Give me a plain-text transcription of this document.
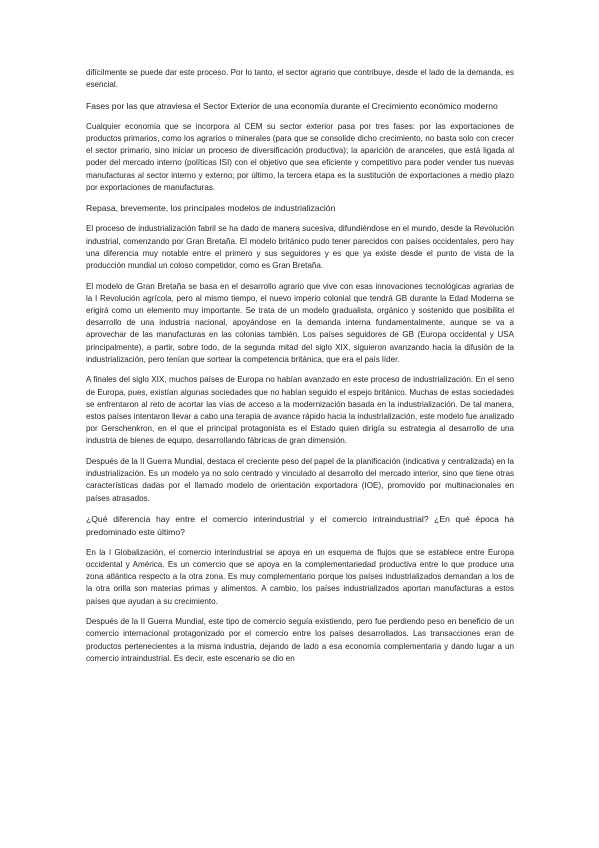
difícilmente se puede dar este proceso. Por lo tanto, el sector agrario que contribuye, desde el lado de la demanda, es esencial.

Fases por las que atraviesa el Sector Exterior de una economía durante el Crecimiento económico moderno

Cualquier economía que se incorpora al CEM su sector exterior pasa por tres fases: por las exportaciones de productos primarios, como los agrarios o minerales (para que se consolide dicho crecimiento, no basta solo con crecer el sector primario, sino iniciar un proceso de diversificación productiva); la aparición de aranceles, que está ligada al poder del mercado interno (políticas ISI) con el objetivo que sea eficiente y competitivo para poder vender tus nuevas manufacturas al sector interno y externo; por último, la tercera etapa es la sustitución de exportaciones a medio plazo por exportaciones de manufacturas.

Repasa, brevemente, los principales modelos de industrialización

El proceso de industrialización fabril se ha dado de manera sucesiva, difundiéndose en el mundo, desde la Revolución industrial, comenzando por Gran Bretaña. El modelo británico pudo tener parecidos con países occidentales, pero hay una diferencia muy notable entre el primero y sus seguidores y es que ya existe desde el punto de vista de la producción mundial un coloso competidor, como es Gran Bretaña.

El modelo de Gran Bretaña se basa en el desarrollo agrario que vive con esas innovaciones tecnológicas agrarias de la I Revolución agrícola, pero al mismo tiempo, el nuevo imperio colonial que tendrá GB durante la Edad Moderna se erigirá como un elemento muy importante. Se trata de un modelo gradualista, orgánico y sostenido que posibilita el desarrollo de una industria nacional, apoyándose en la demanda interna fundamentalmente, aunque se va a aprovechar de las manufacturas en las colonias también. Los países seguidores de GB (Europa occidental y USA principalmente), a partir, sobre todo, de la segunda mitad del siglo XIX, siguieron avanzando hacia la difusión de la industrialización, pero tenían que sortear la competencia británica, que era el país líder.

A finales del siglo XIX, muchos países de Europa no habían avanzado en este proceso de industrialización. En el seno de Europa, pues, existían algunas sociedades que no habían seguido el espejo británico. Muchas de estas sociedades se enfrentaron al reto de acortar las vías de acceso a la modernización basada en la industrialización. De tal manera, estos países intentaron llevar a cabo una terapia de avance rápido hacia la industrialización, este modelo fue analizado por Gerschenkron, en el que el principal protagonista es el Estado quien dirigía su estrategia al desarrollo de una industria de bienes de equipo, desarrollando fábricas de gran dimensión.

Después de la II Guerra Mundial, destaca el creciente peso del papel de la planificación (indicativa y centralizada) en la industrialización. Es un modelo ya no solo centrado y vinculado al desarrollo del mercado interior, sino que tiene otras características dadas por el llamado modelo de orientación exportadora (IOE), promovido por multinacionales en países atrasados.

¿Qué diferencia hay entre el comercio interindustrial y el comercio intraindustrial? ¿En qué época ha predominado este último?

En la I Globalización, el comercio interindustrial se apoya en un esquema de flujos que se establece entre Europa occidental y América. Es un comercio que se apoya en la complementariedad productiva entre lo que produce una zona atlántica respecto a la otra zona. Es muy complementario porque los países industrializados demandan a los de la otra orilla son materias primas y alimentos. A cambio, los países industrializados aportan manufacturas a estos países que ayudan a su crecimiento.

Después de la II Guerra Mundial, este tipo de comercio seguía existiendo, pero fue perdiendo peso en beneficio de un comercio internacional protagonizado por el comercio entre los países desarrollados. Las transacciones eran de productos pertenecientes a la misma industria, dejando de lado a esa economía complementaria y dando lugar a un comercio intraindustrial. Es decir, este escenario se dio en
